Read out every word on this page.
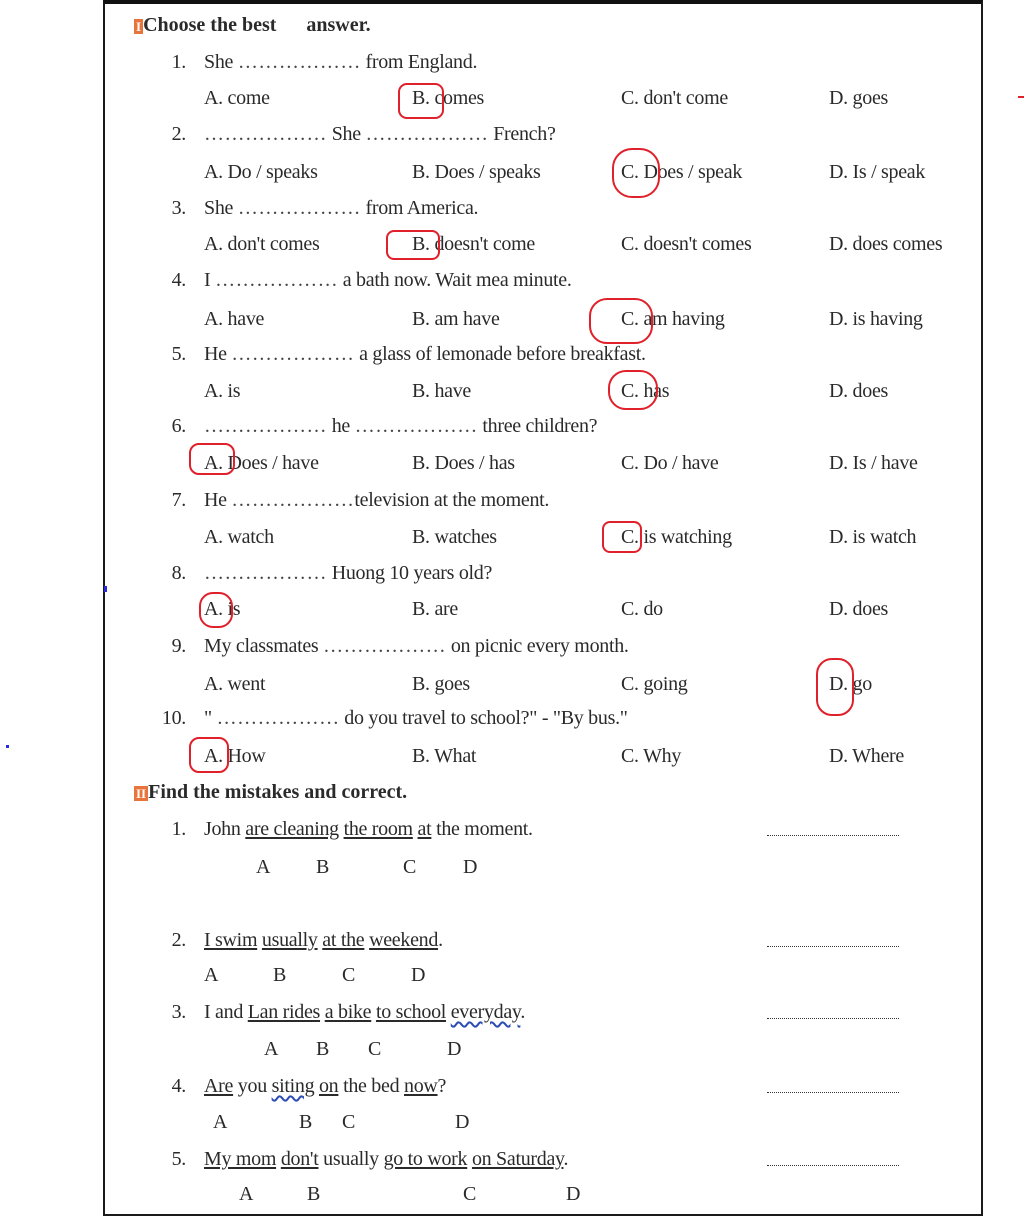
I Choose the best      answer.
1. She ……………… from England.
A. come	B. comes	C. don't come	D. goes
2. ……………… She ……………… French?
A. Do / speaks	B. Does / speaks	C. Does / speak	D. Is / speak
3. She ……………… from America.
A. don't comes	B. doesn't come	C. doesn't comes	D. does comes
4. I ……………… a bath now. Wait mea minute.
A. have	B. am have	C. am having	D. is having
5. He ……………… a glass of lemonade before breakfast.
A. is	B. have	C. has	D. does
6. ……………… he ……………… three children?
A. Does / have	B. Does / has	C. Do / have	D. Is / have
7. He ………………television at the moment.
A. watch	B. watches	C. is watching	D. is watch
8. ……………… Huong 10 years old?
A. is	B. are	C. do	D. does
9. My classmates ……………… on picnic every month.
A. went	B. goes	C. going	D. go
10. " ……………… do you travel to school?" - "By bus."
A. How	B. What	C. Why	D. Where
II Find the mistakes and correct.
1. John are cleaning the room at the moment.
A B	C D
2. I swim usually at the weekend.
A	B	C	D
3. I and Lan rides a bike to school everyday.
A B C	D
4. Are you siting on the bed now?
A	B C	D
5. My mom don't usually go to work on Saturday.
A	B	C	D
